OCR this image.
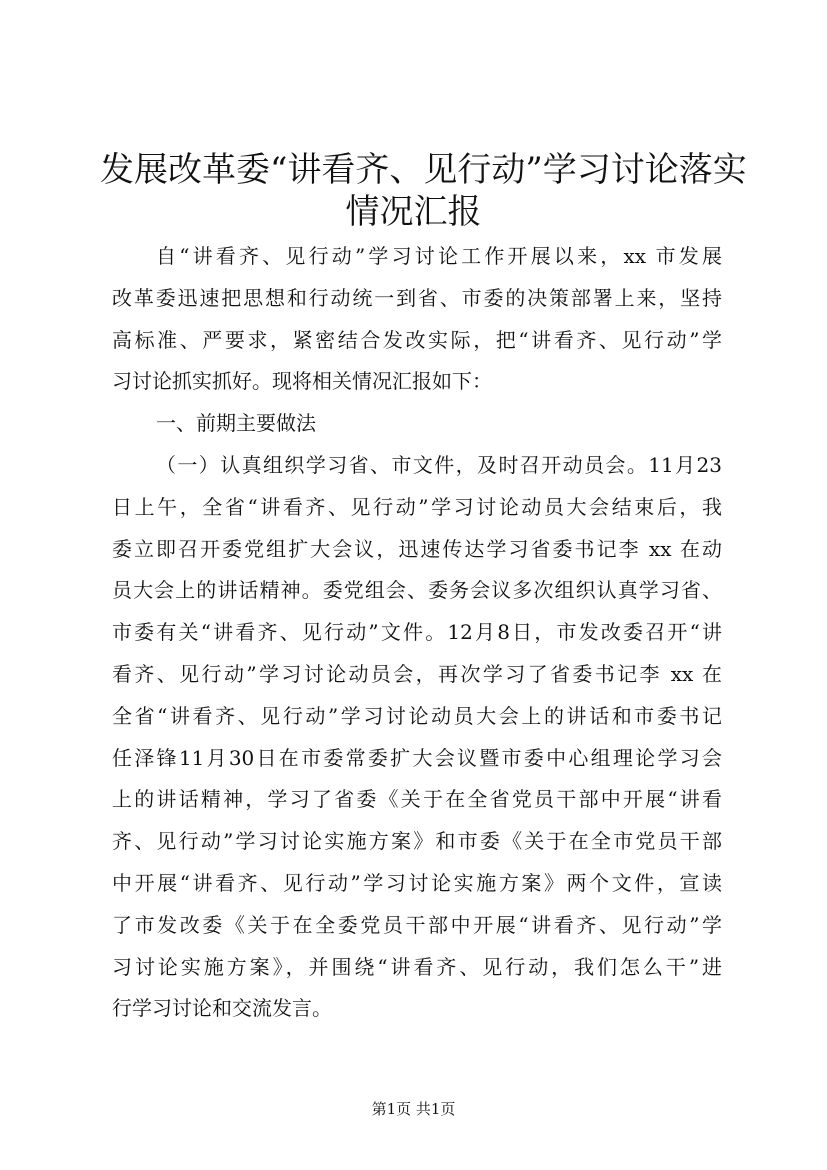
发展改革委“讲看齐、见行动”学习讨论落实
情况汇报
自“讲看齐、见行动”学习讨论工作开展以来，xx 市发展
改革委迅速把思想和行动统一到省、市委的决策部署上来，坚持
高标准、严要求，紧密结合发改实际，把“讲看齐、见行动”学
习讨论抓实抓好。现将相关情况汇报如下：
一、前期主要做法
（一）认真组织学习省、市文件，及时召开动员会。11月23
日上午，全省“讲看齐、见行动”学习讨论动员大会结束后，我
委立即召开委党组扩大会议，迅速传达学习省委书记李 xx 在动
员大会上的讲话精神。委党组会、委务会议多次组织认真学习省、
市委有关“讲看齐、见行动”文件。12月8日，市发改委召开“讲
看齐、见行动”学习讨论动员会，再次学习了省委书记李 xx 在
全省“讲看齐、见行动”学习讨论动员大会上的讲话和市委书记
任泽锋11月30日在市委常委扩大会议暨市委中心组理论学习会
上的讲话精神，学习了省委《关于在全省党员干部中开展“讲看
齐、见行动”学习讨论实施方案》和市委《关于在全市党员干部
中开展“讲看齐、见行动”学习讨论实施方案》两个文件，宣读
了市发改委《关于在全委党员干部中开展“讲看齐、见行动”学
习讨论实施方案》，并围绕“讲看齐、见行动，我们怎么干”进
行学习讨论和交流发言。
第1页 共1页
